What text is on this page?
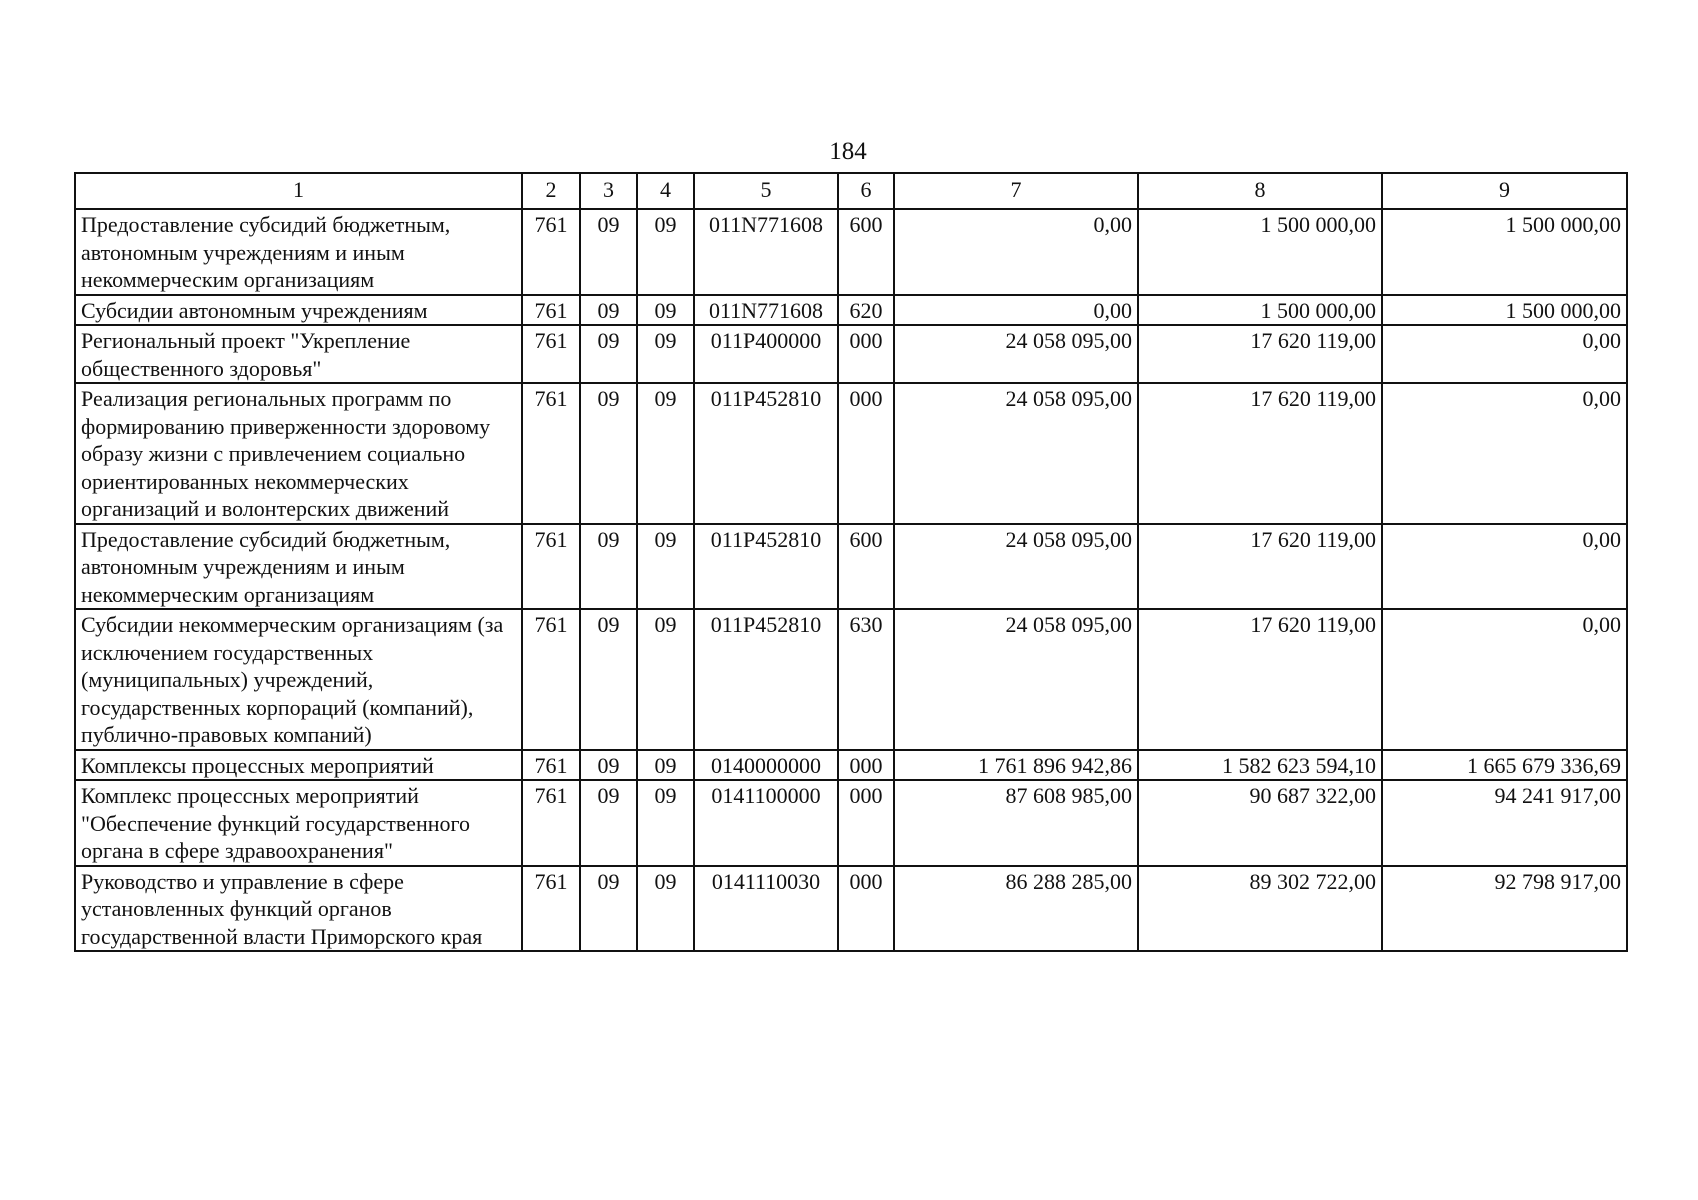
184
1	2	3	4	5	6	7	8	9
Предоставление субсидий бюджетным, автономным учреждениям и иным некоммерческим организациям	761	09	09	011N771608	600	0,00	1 500 000,00	1 500 000,00
Субсидии автономным учреждениям	761	09	09	011N771608	620	0,00	1 500 000,00	1 500 000,00
Региональный проект "Укрепление общественного здоровья"	761	09	09	011P400000	000	24 058 095,00	17 620 119,00	0,00
Реализация региональных программ по формированию приверженности здоровому образу жизни с привлечением социально ориентированных некоммерческих организаций и волонтерских движений	761	09	09	011P452810	000	24 058 095,00	17 620 119,00	0,00
Предоставление субсидий бюджетным, автономным учреждениям и иным некоммерческим организациям	761	09	09	011P452810	600	24 058 095,00	17 620 119,00	0,00
Субсидии некоммерческим организациям (за исключением государственных (муниципальных) учреждений, государственных корпораций (компаний), публично-правовых компаний)	761	09	09	011P452810	630	24 058 095,00	17 620 119,00	0,00
Комплексы процессных мероприятий	761	09	09	0140000000	000	1 761 896 942,86	1 582 623 594,10	1 665 679 336,69
Комплекс процессных мероприятий "Обеспечение функций государственного органа в сфере здравоохранения"	761	09	09	0141100000	000	87 608 985,00	90 687 322,00	94 241 917,00
Руководство и управление в сфере установленных функций органов государственной власти Приморского края	761	09	09	0141110030	000	86 288 285,00	89 302 722,00	92 798 917,00
